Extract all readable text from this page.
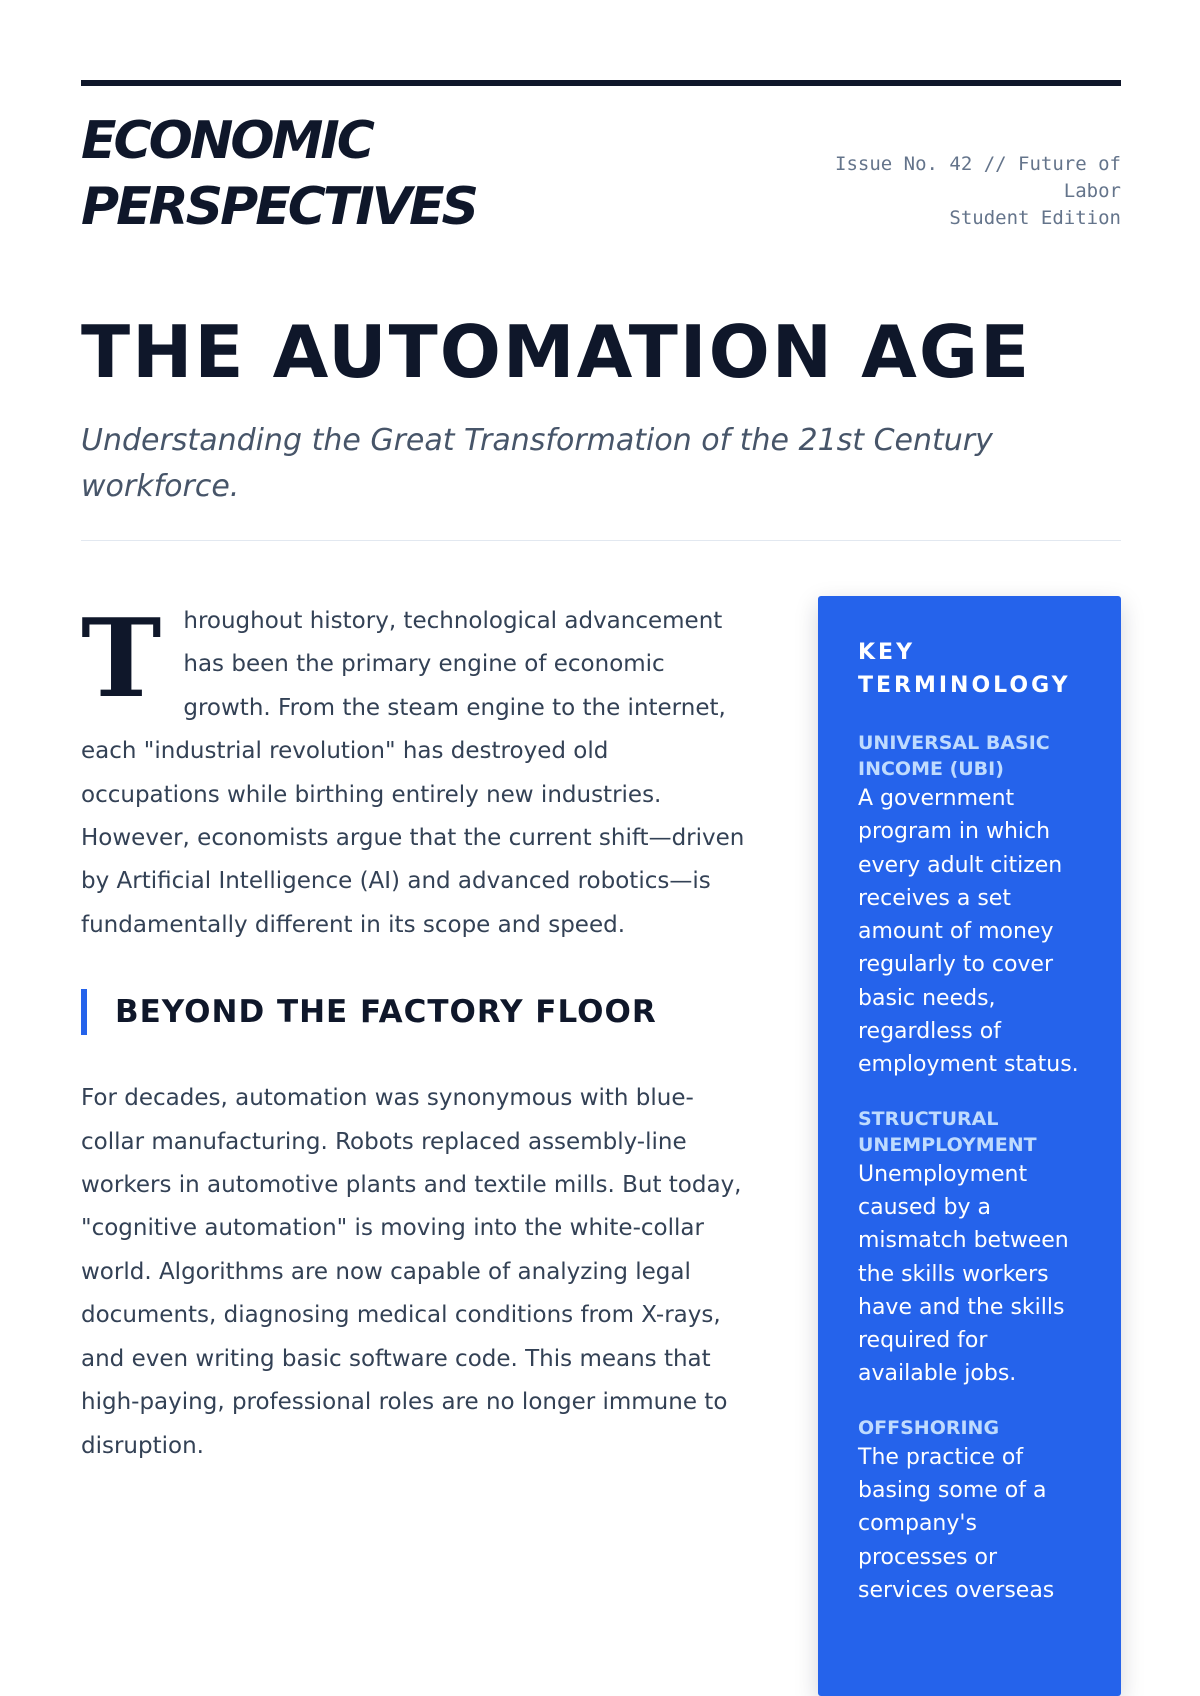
ECONOMIC
PERSPECTIVES
Issue No. 42 // Future of
Labor
Student Edition
THE AUTOMATION AGE

Understanding the Great Transformation of the 21st Century workforce.

Throughout history, technological advancement has been the primary engine of economic growth. From the steam engine to the internet, each "industrial revolution" has destroyed old occupations while birthing entirely new industries. However, economists argue that the current shift—driven by Artificial Intelligence (AI) and advanced robotics—is fundamentally different in its scope and speed.

BEYOND THE FACTORY FLOOR

For decades, automation was synonymous with blue-collar manufacturing. Robots replaced assembly-line workers in automotive plants and textile mills. But today, "cognitive automation" is moving into the white-collar world. Algorithms are now capable of analyzing legal documents, diagnosing medical conditions from X-rays, and even writing basic software code. This means that high-paying, professional roles are no longer immune to disruption.

KEY TERMINOLOGY
UNIVERSAL BASIC INCOME (UBI)
A government program in which every adult citizen receives a set amount of money regularly to cover basic needs, regardless of employment status.
STRUCTURAL UNEMPLOYMENT
Unemployment caused by a mismatch between the skills workers have and the skills required for available jobs.
OFFSHORING
The practice of basing some of a company's processes or services overseas
